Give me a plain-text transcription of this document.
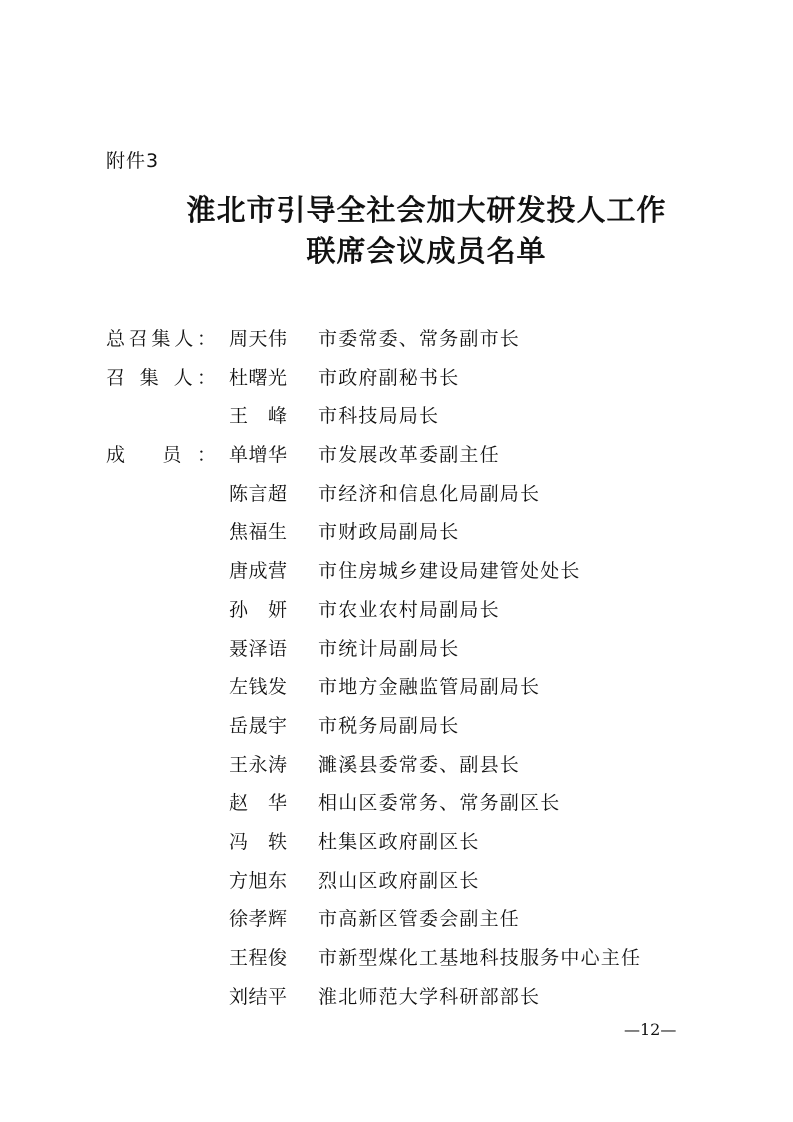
附件3
淮北市引导全社会加大研发投人工作
联席会议成员名单
总召集人： 周天伟 市委常委、常务副市长
召 集 人： 杜曙光 市政府副秘书长
王 峰 市科技局局长
成 员： 单增华 市发展改革委副主任
陈言超 市经济和信息化局副局长
焦福生 市财政局副局长
唐成营 市住房城乡建设局建管处处长
孙 妍 市农业农村局副局长
聂泽语 市统计局副局长
左钱发 市地方金融监管局副局长
岳晟宇 市税务局副局长
王永涛 濉溪县委常委、副县长
赵 华 相山区委常务、常务副区长
冯 轶 杜集区政府副区长
方旭东 烈山区政府副区长
徐孝辉 市高新区管委会副主任
王程俊 市新型煤化工基地科技服务中心主任
刘结平 淮北师范大学科研部部长
—12—
